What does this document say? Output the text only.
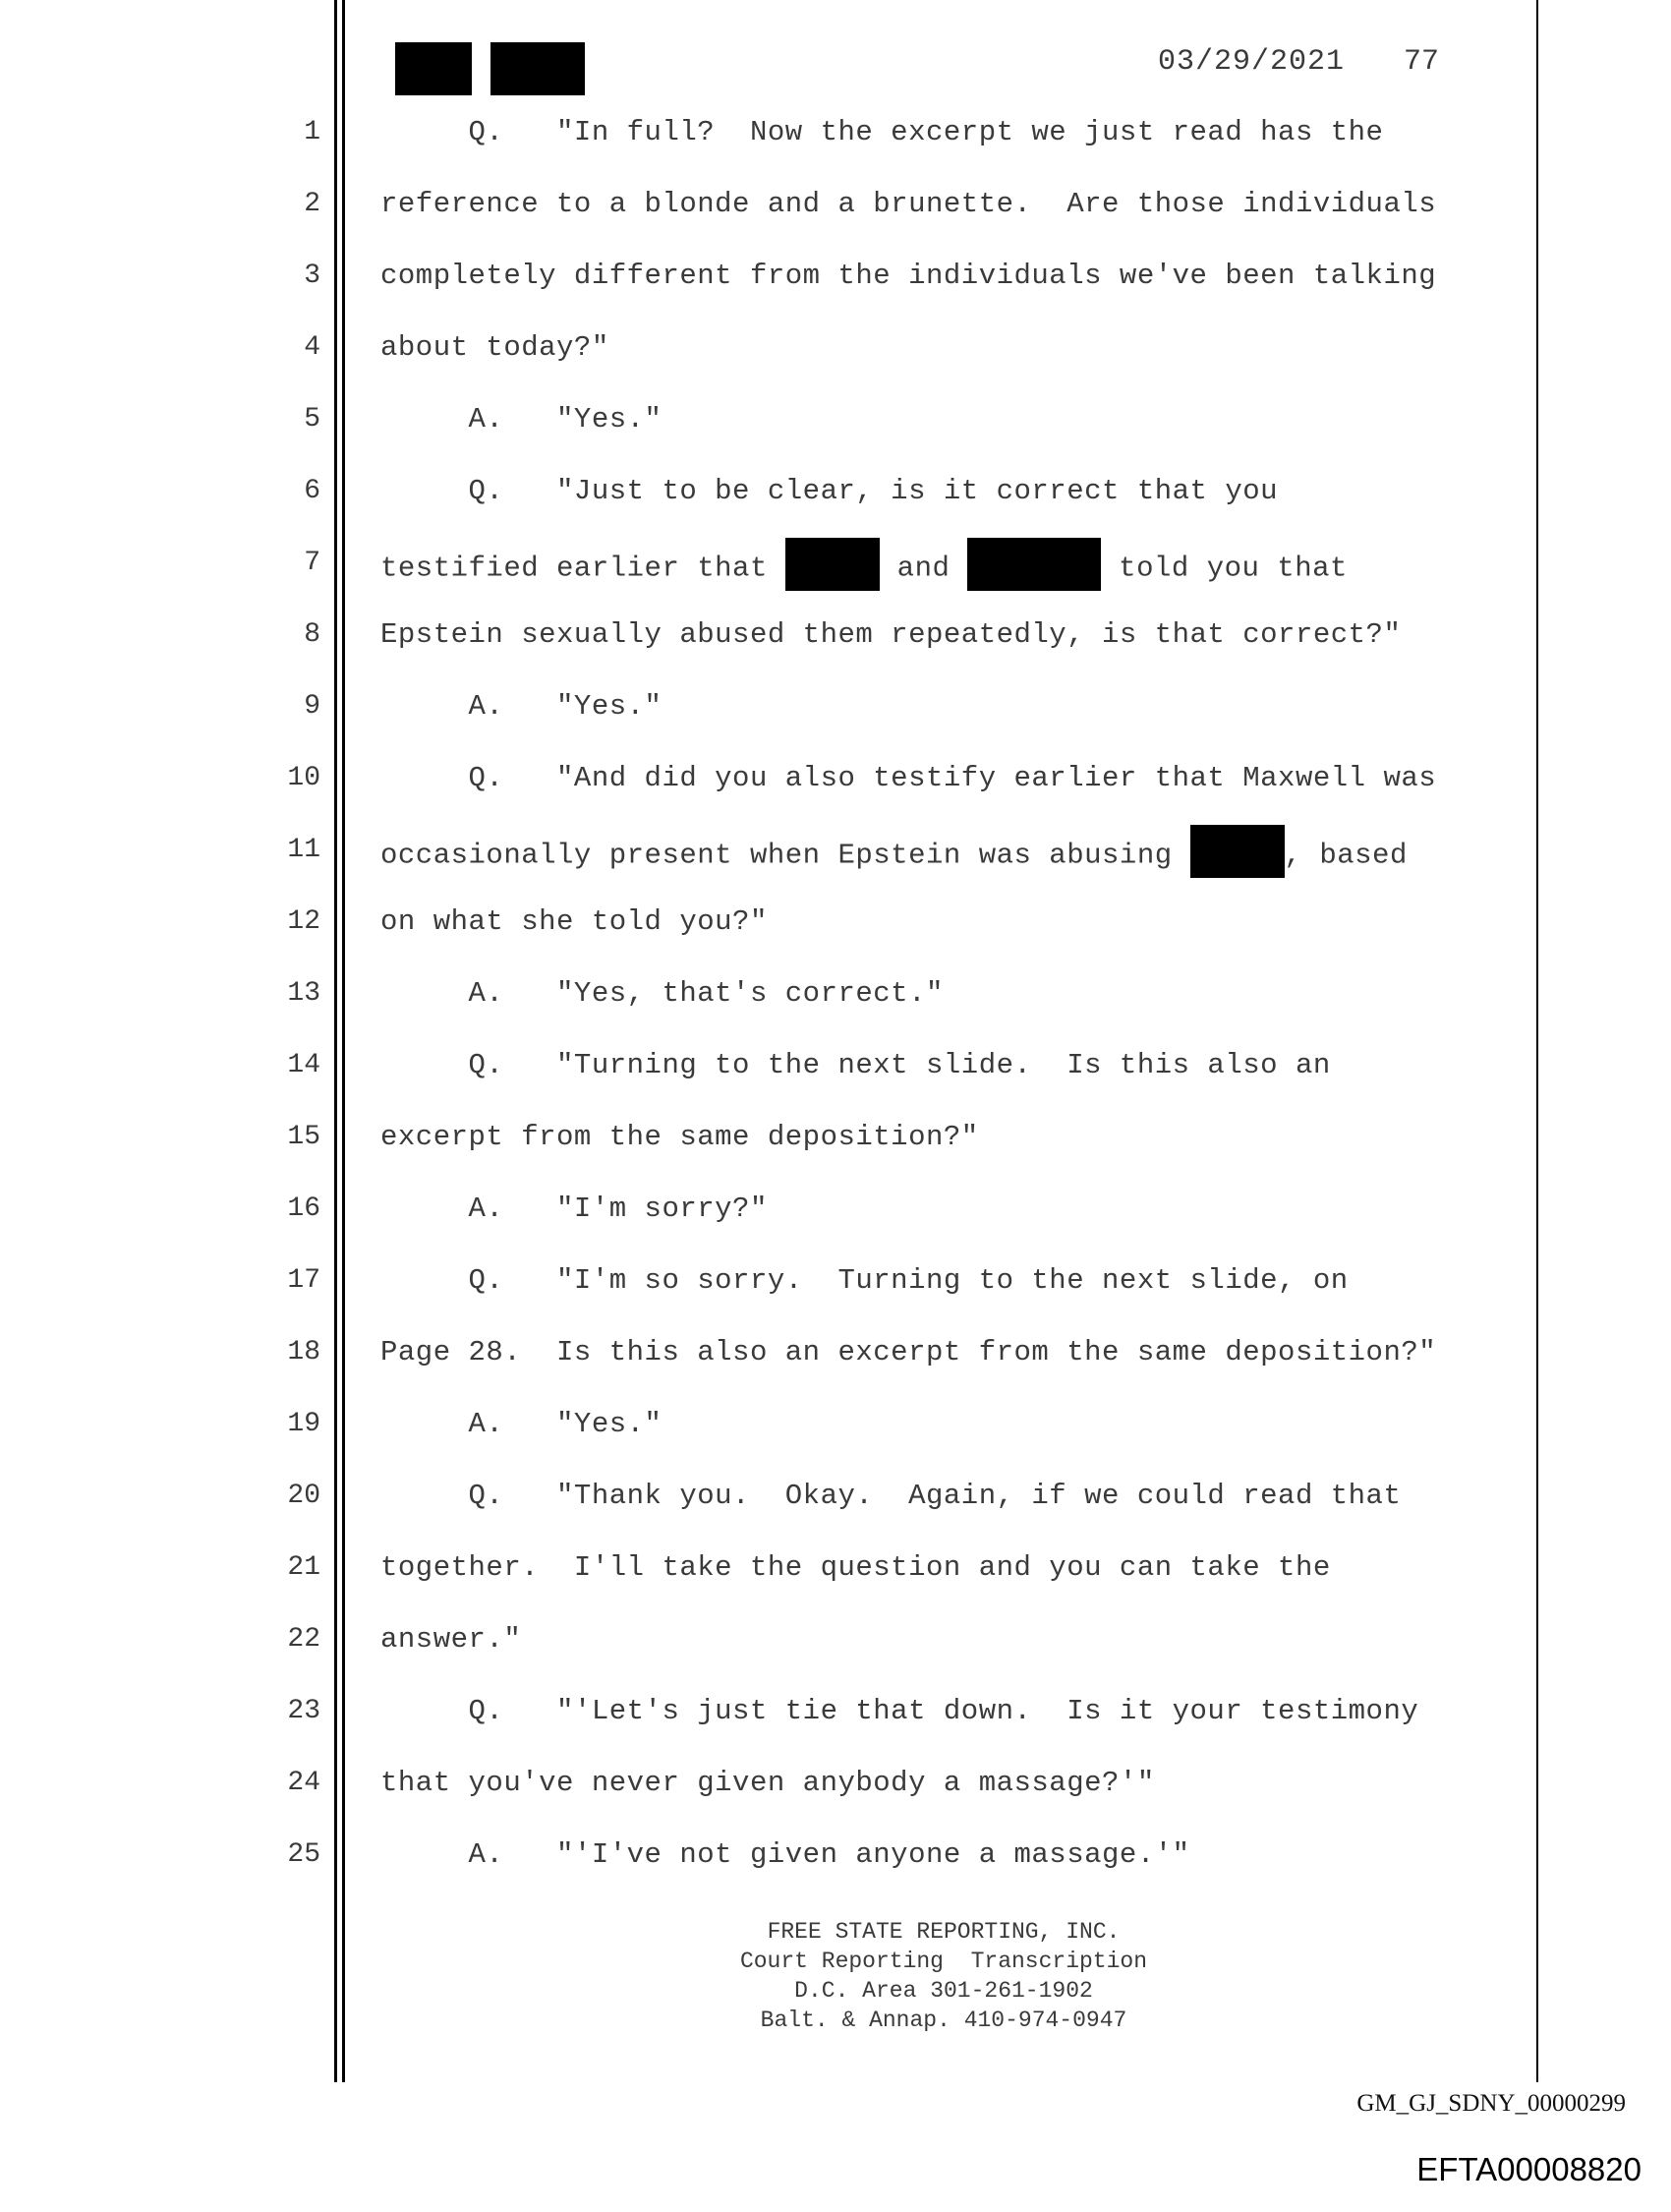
03/29/2021 77
1
2
3
4
5
6
7
8
9
10
11
12
13
14
15
16
17
18
19
20
21
22
23
24
25
Q.   "In full?  Now the excerpt we just read has the
reference to a blonde and a brunette.  Are those individuals
completely different from the individuals we've been talking
about today?"
A.   "Yes."
Q.   "Just to be clear, is it correct that you
testified earlier that	and	told you that
Epstein sexually abused them repeatedly, is that correct?"
A.   "Yes."
Q.   "And did you also testify earlier that Maxwell was
occasionally present when Epstein was abusing	, based
on what she told you?"
A.   "Yes, that's correct."
Q.   "Turning to the next slide.  Is this also an
excerpt from the same deposition?"
A.   "I'm sorry?"
Q.   "I'm so sorry.  Turning to the next slide, on
Page 28.  Is this also an excerpt from the same deposition?"
A.   "Yes."
Q.   "Thank you.  Okay.  Again, if we could read that
together.  I'll take the question and you can take the
answer."
Q.   "'Let's just tie that down.  Is it your testimony
that you've never given anybody a massage?'"
A.   "'I've not given anyone a massage.'"
FREE STATE REPORTING, INC.
Court Reporting  Transcription
D.C. Area 301-261-1902
Balt. & Annap. 410-974-0947
GM_GJ_SDNY_00000299
EFTA00008820
